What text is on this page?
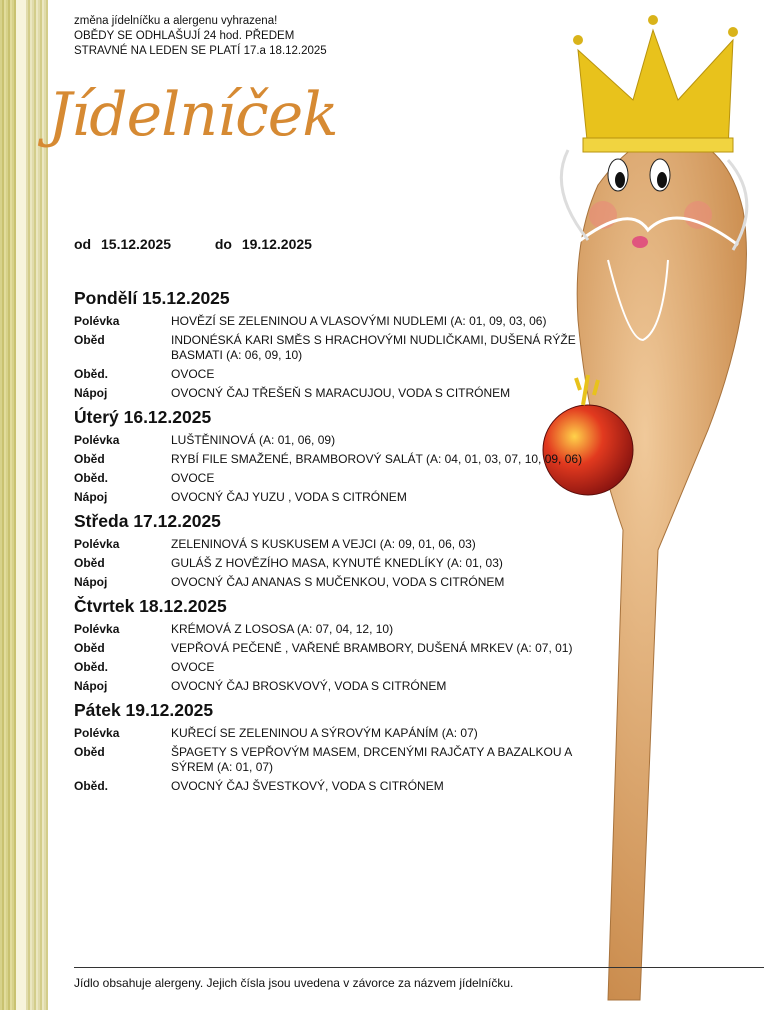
změna jídelníčku a alergenu vyhrazena!
OBĚDY SE ODHLAŠUJÍ 24 hod. PŘEDEM
STRAVNÉ NA LEDEN SE PLATÍ 17.a 18.12.2025
Jídelníček
od 15.12.2025	do 19.12.2025
Pondělí 15.12.2025
Polévka	HOVĚZÍ SE ZELENINOU A VLASOVÝMI NUDLEMI (A: 01, 09, 03, 06)
Oběd	INDONÉSKÁ KARI SMĚS S HRACHOVÝMI NUDLIČKAMI, DUŠENÁ RÝŽE BASMATI (A: 06, 09, 10)
Oběd.	OVOCE
Nápoj	OVOCNÝ ČAJ TŘEŠEŇ S MARACUJOU, VODA S CITRÓNEM
Úterý 16.12.2025
Polévka	LUŠTĚNINOVÁ (A: 01, 06, 09)
Oběd	RYBÍ FILE SMAŽENÉ, BRAMBOROVÝ SALÁT (A: 04, 01, 03, 07, 10, 09, 06)
Oběd.	OVOCE
Nápoj	OVOCNÝ ČAJ YUZU , VODA S CITRÓNEM
Středa 17.12.2025
Polévka	ZELENINOVÁ S KUSKUSEM A VEJCI (A: 09, 01, 06, 03)
Oběd	GULÁŠ Z HOVĚZÍHO MASA, KYNUTÉ KNEDLÍKY (A: 01, 03)
Nápoj	OVOCNÝ ČAJ ANANAS S MUČENKOU, VODA S CITRÓNEM
Čtvrtek 18.12.2025
Polévka	KRÉMOVÁ Z LOSOSA (A: 07, 04, 12, 10)
Oběd	VEPŘOVÁ PEČENĚ , VAŘENÉ BRAMBORY, DUŠENÁ MRKEV (A: 07, 01)
Oběd.	OVOCE
Nápoj	OVOCNÝ ČAJ BROSKVOVÝ, VODA S CITRÓNEM
Pátek 19.12.2025
Polévka	KUŘECÍ SE ZELENINOU A SÝROVÝM KAPÁNÍM (A: 07)
Oběd	ŠPAGETY S VEPŘOVÝM MASEM, DRCENÝMI RAJČATY A BAZALKOU A SÝREM (A: 01, 07)
Oběd.	OVOCNÝ ČAJ ŠVESTKOVÝ, VODA S CITRÓNEM
Jídlo obsahuje alergeny. Jejich čísla jsou uvedena v závorce za názvem jídelníčku.
